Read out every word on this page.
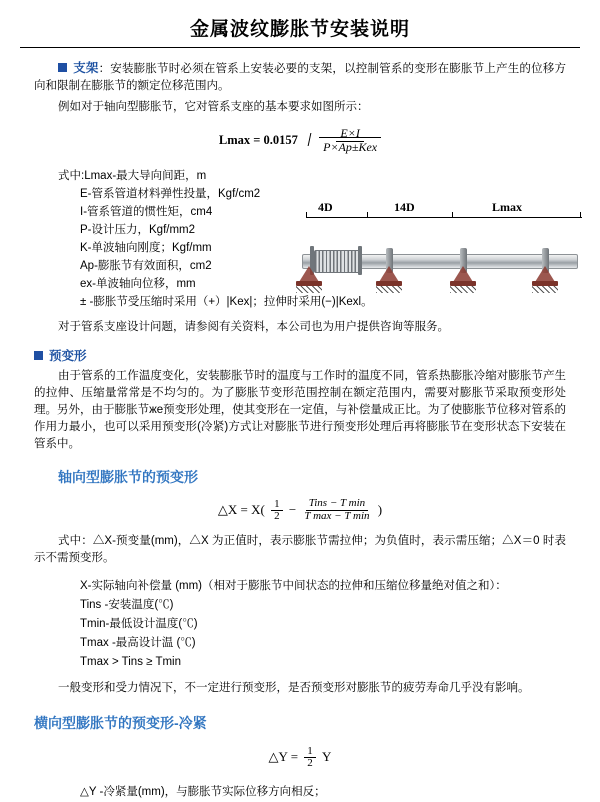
金属波纹膨胀节安装说明

支架：安装膨胀节时必须在管系上安装必要的支架，以控制管系的变形在膨胀节上产生的位移方向和限制在膨胀节的额定位移范围内。

例如对于轴向型膨胀节，它对管系支座的基本要求如图所示：

$Lmax = 0.0157 \frac{E\times I}{\text{P×Ap±Kex}}$
式中:Lmax-最大导向间距，m
E-管系管道材料弹性投量，Kgf/cm2
I-管系管道的惯性矩，cm4
P-设计压力，Kgf/mm2
K-单波轴向刚度；Kgf/mm
Ap-膨胀节有效面积，cm2
ex-单波轴向位移，mm
± -膨胀节受压缩时采用（+）|Kex|；拉伸时采用(−)|Kexl。

对于管系支座设计问题，请参阅有关资料，本公司也为用户提供咨询等服务。

预变形

由于管系的工作温度变化，安装膨胀节时的温度与工作时的温度不同，管系热膨胀冷缩对膨胀节产生的拉伸、压缩量常常是不均匀的。为了膨胀节变形范围控制在额定范围内，需要对膨胀节采取预变形处理。另外，由于膨胀节же预变形处理，使其变形在一定值，与补偿量成正比。为了使膨胀节位移对管系的作用力最小，也可以采用预变形(冷紧)方式让对膨胀节进行预变形处理后再将膨胀节在变形状态下安装在管系中。

轴向型膨胀节的预变形
△X = $X( \frac{1}{2} - \frac{\text{Tins − T min}}{\text{T max − T min}}$ )

式中：△X-预变量(mm)，△X 为正值时，表示膨胀节需拉伸；为负值时，表示需压缩；△X＝0 时表示不需预变形。

X-实际轴向补偿量 (mm)（相对于膨胀节中间状态的拉伸和压缩位移量绝对值之和）：
Tins -安装温度(℃)
Tmin-最低设计温度(℃)
Tmax -最高设计温 (℃)
Tmax > Tins ≥ Tmin

一般变形和受力情况下，不一定进行预变形，是否预变形对膨胀节的疲劳寿命几乎没有影响。

横向型膨胀节的预变形-冷紧
△Y = $\frac{1}{2}$ Y
△Y -冷紧量(mm)，与膨胀节实际位移方向相反；
4D	14D	Lmax
